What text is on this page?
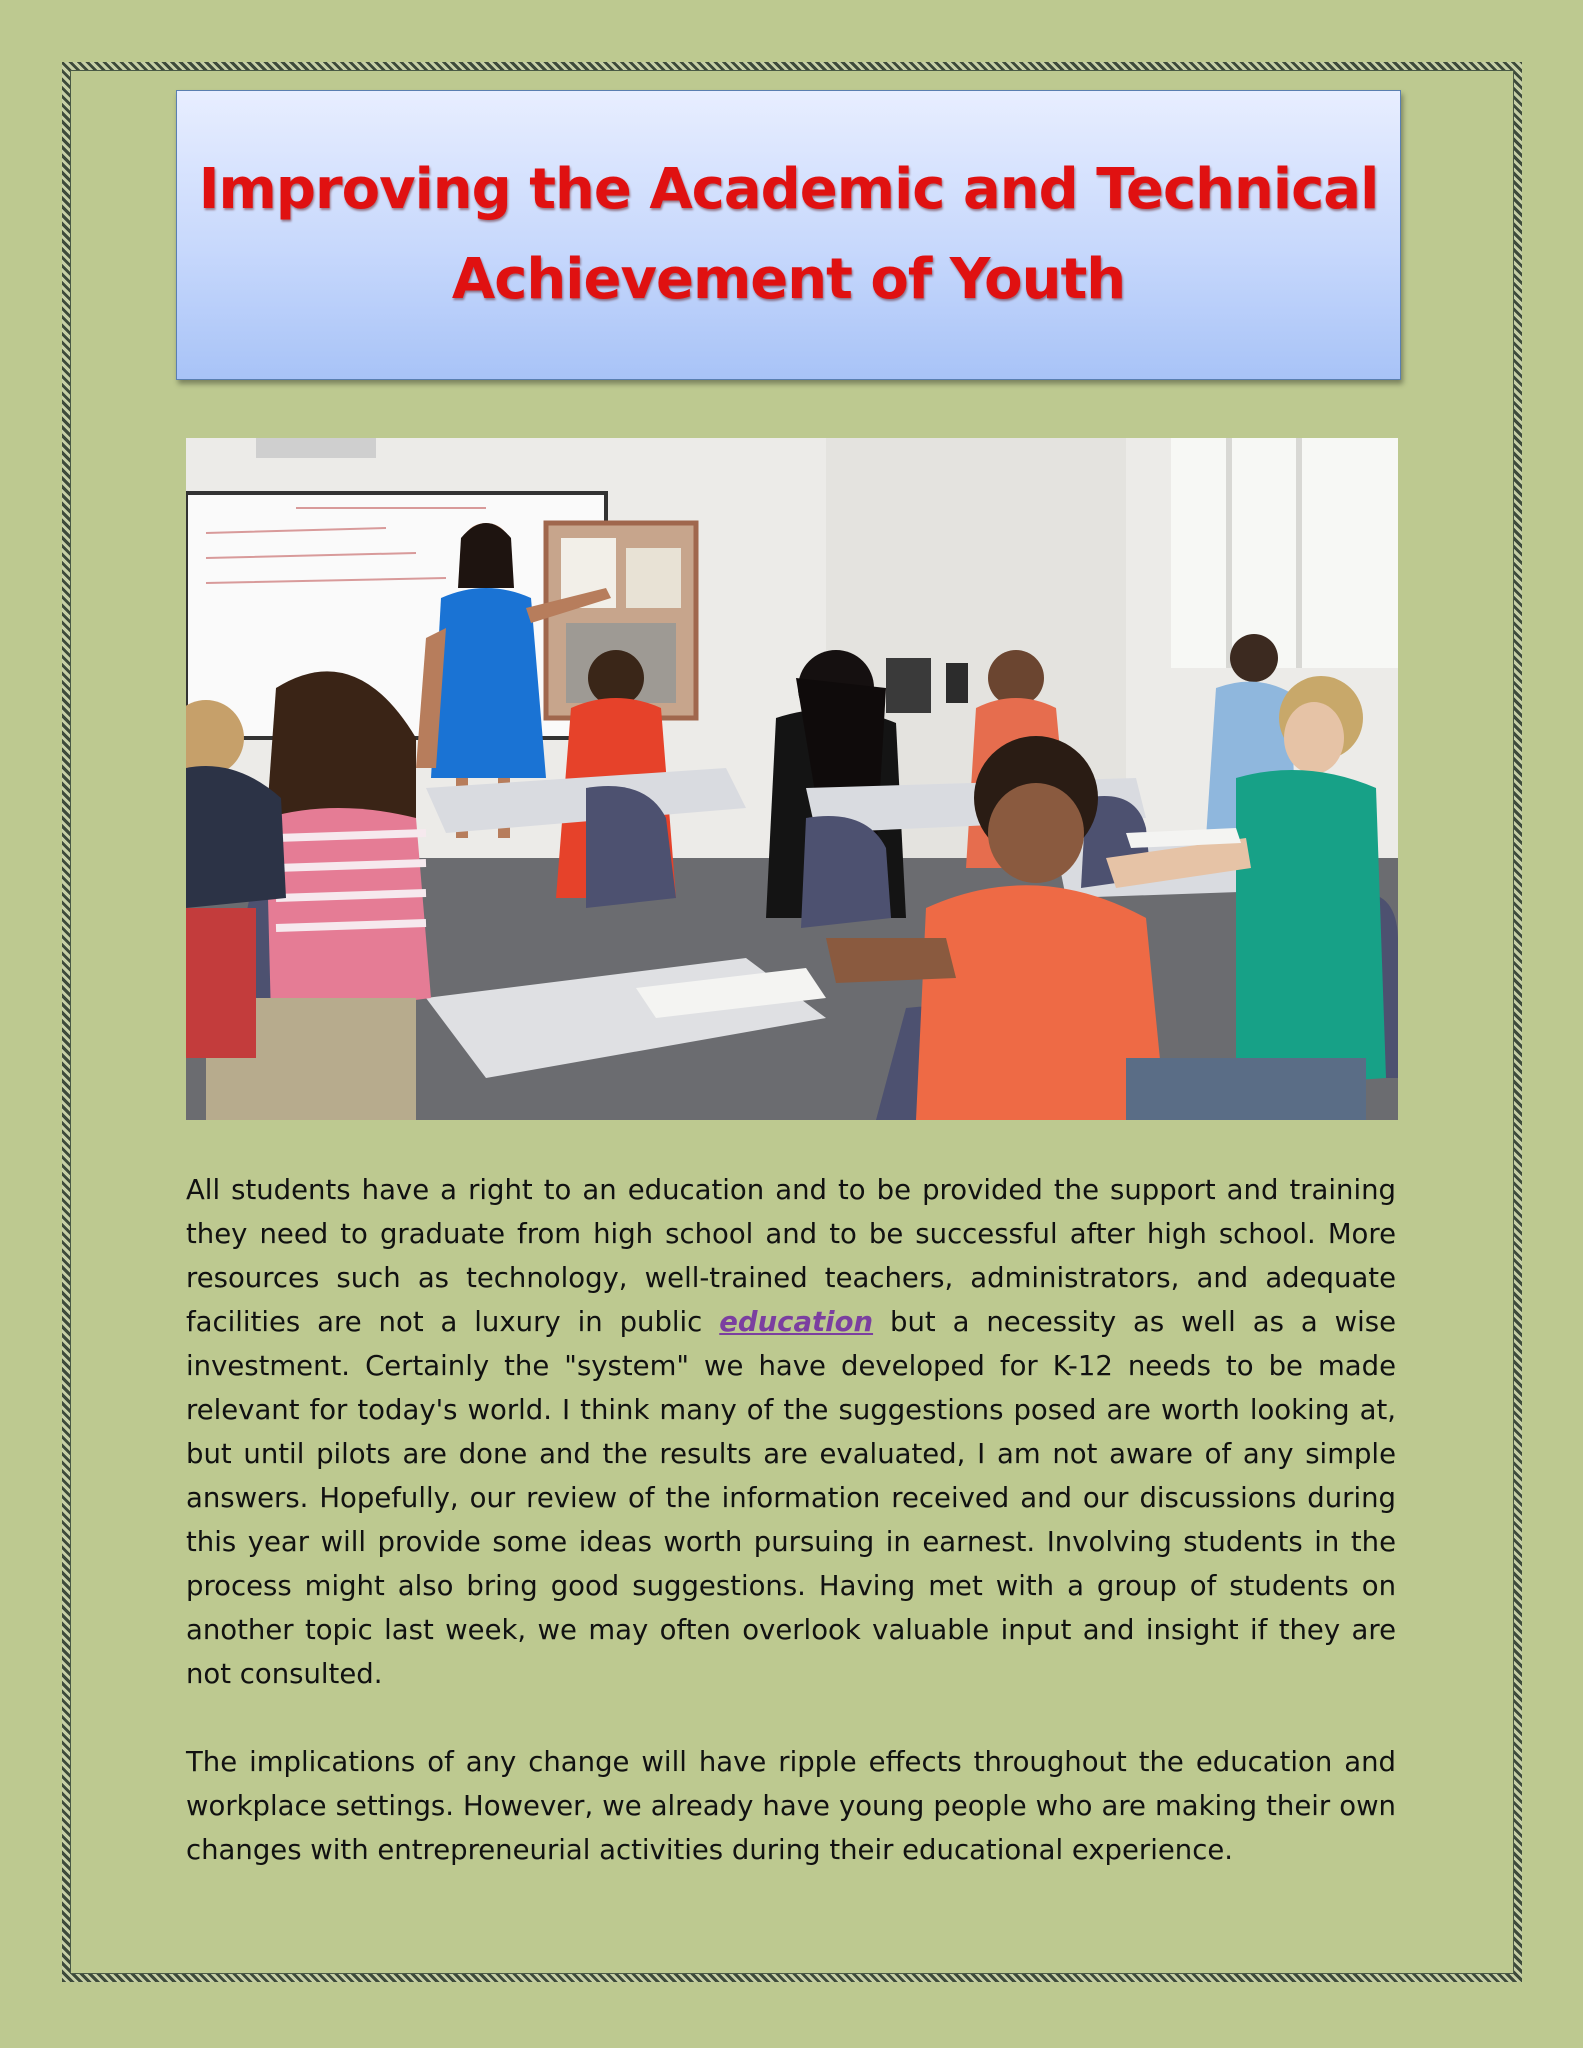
Improving the Academic and Technical Achievement of Youth

All students have a right to an education and to be provided the support and training they need to graduate from high school and to be successful after high school. More resources such as technology, well-trained teachers, administrators, and adequate facilities are not a luxury in public education but a necessity as well as a wise investment. Certainly the "system" we have developed for K-12 needs to be made relevant for today's world. I think many of the suggestions posed are worth looking at, but until pilots are done and the results are evaluated, I am not aware of any simple answers. Hopefully, our review of the information received and our discussions during this year will provide some ideas worth pursuing in earnest. Involving students in the process might also bring good suggestions. Having met with a group of students on another topic last week, we may often overlook valuable input and insight if they are not consulted.

The implications of any change will have ripple effects throughout the education and workplace settings. However, we already have young people who are making their own changes with entrepreneurial activities during their educational experience.
